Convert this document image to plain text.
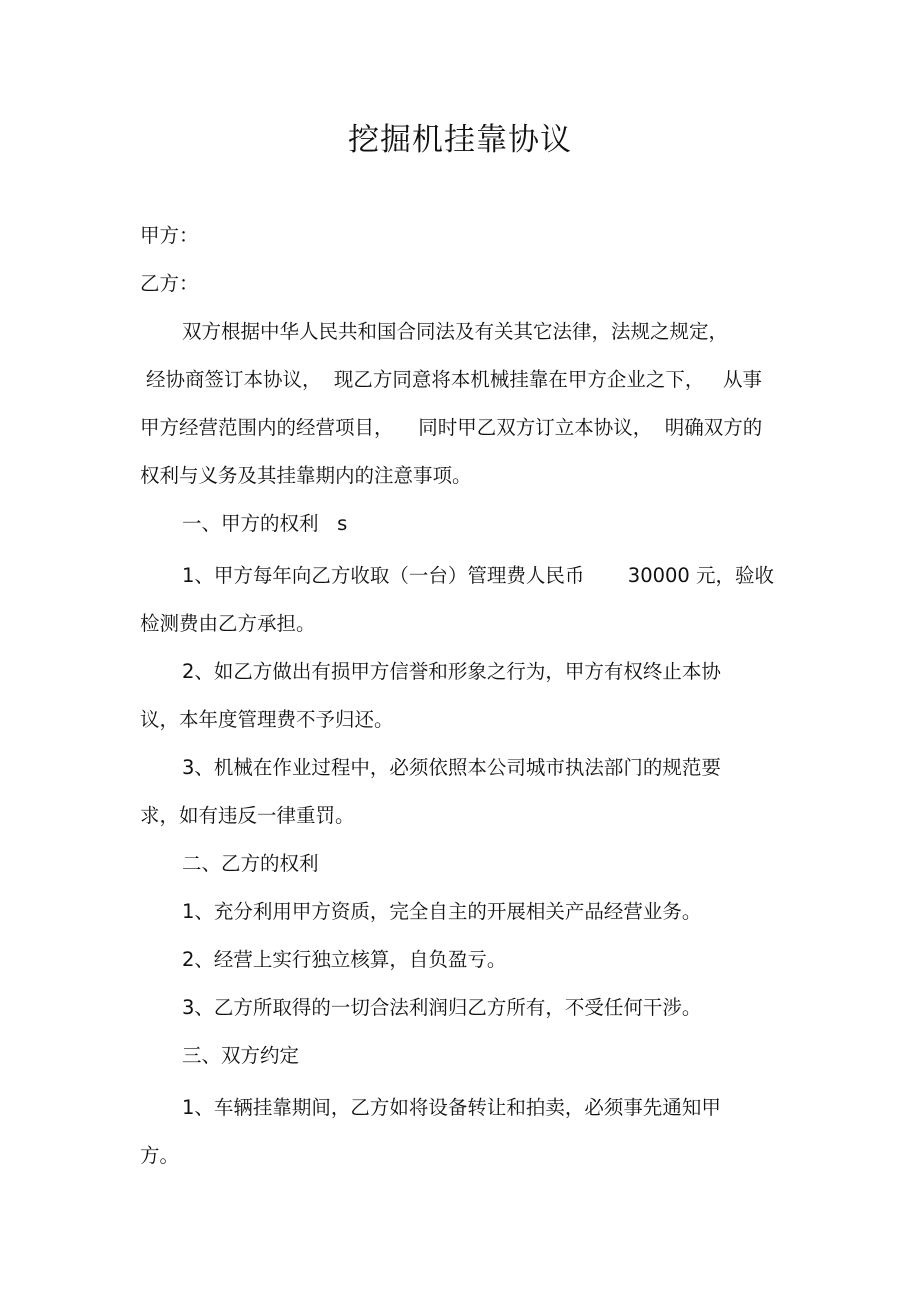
挖掘机挂靠协议

甲方：

乙方：

双方根据中华人民共和国合同法及有关其它法律，法规之规定，

经协商签订本协议，  现乙方同意将本机械挂靠在甲方企业之下，   从事

甲方经营范围内的经营项目，    同时甲乙双方订立本协议，  明确双方的

权利与义务及其挂靠期内的注意事项。

一、甲方的权利   s

1、甲方每年向乙方收取（一台）管理费人民币       30000 元，验收

检测费由乙方承担。

2、如乙方做出有损甲方信誉和形象之行为，甲方有权终止本协

议，本年度管理费不予归还。

3、机械在作业过程中，必须依照本公司城市执法部门的规范要

求，如有违反一律重罚。

二、乙方的权利

1、充分利用甲方资质，完全自主的开展相关产品经营业务。

2、经营上实行独立核算，自负盈亏。

3、乙方所取得的一切合法利润归乙方所有，不受任何干涉。

三、双方约定

1、车辆挂靠期间，乙方如将设备转让和拍卖，必须事先通知甲

方。
